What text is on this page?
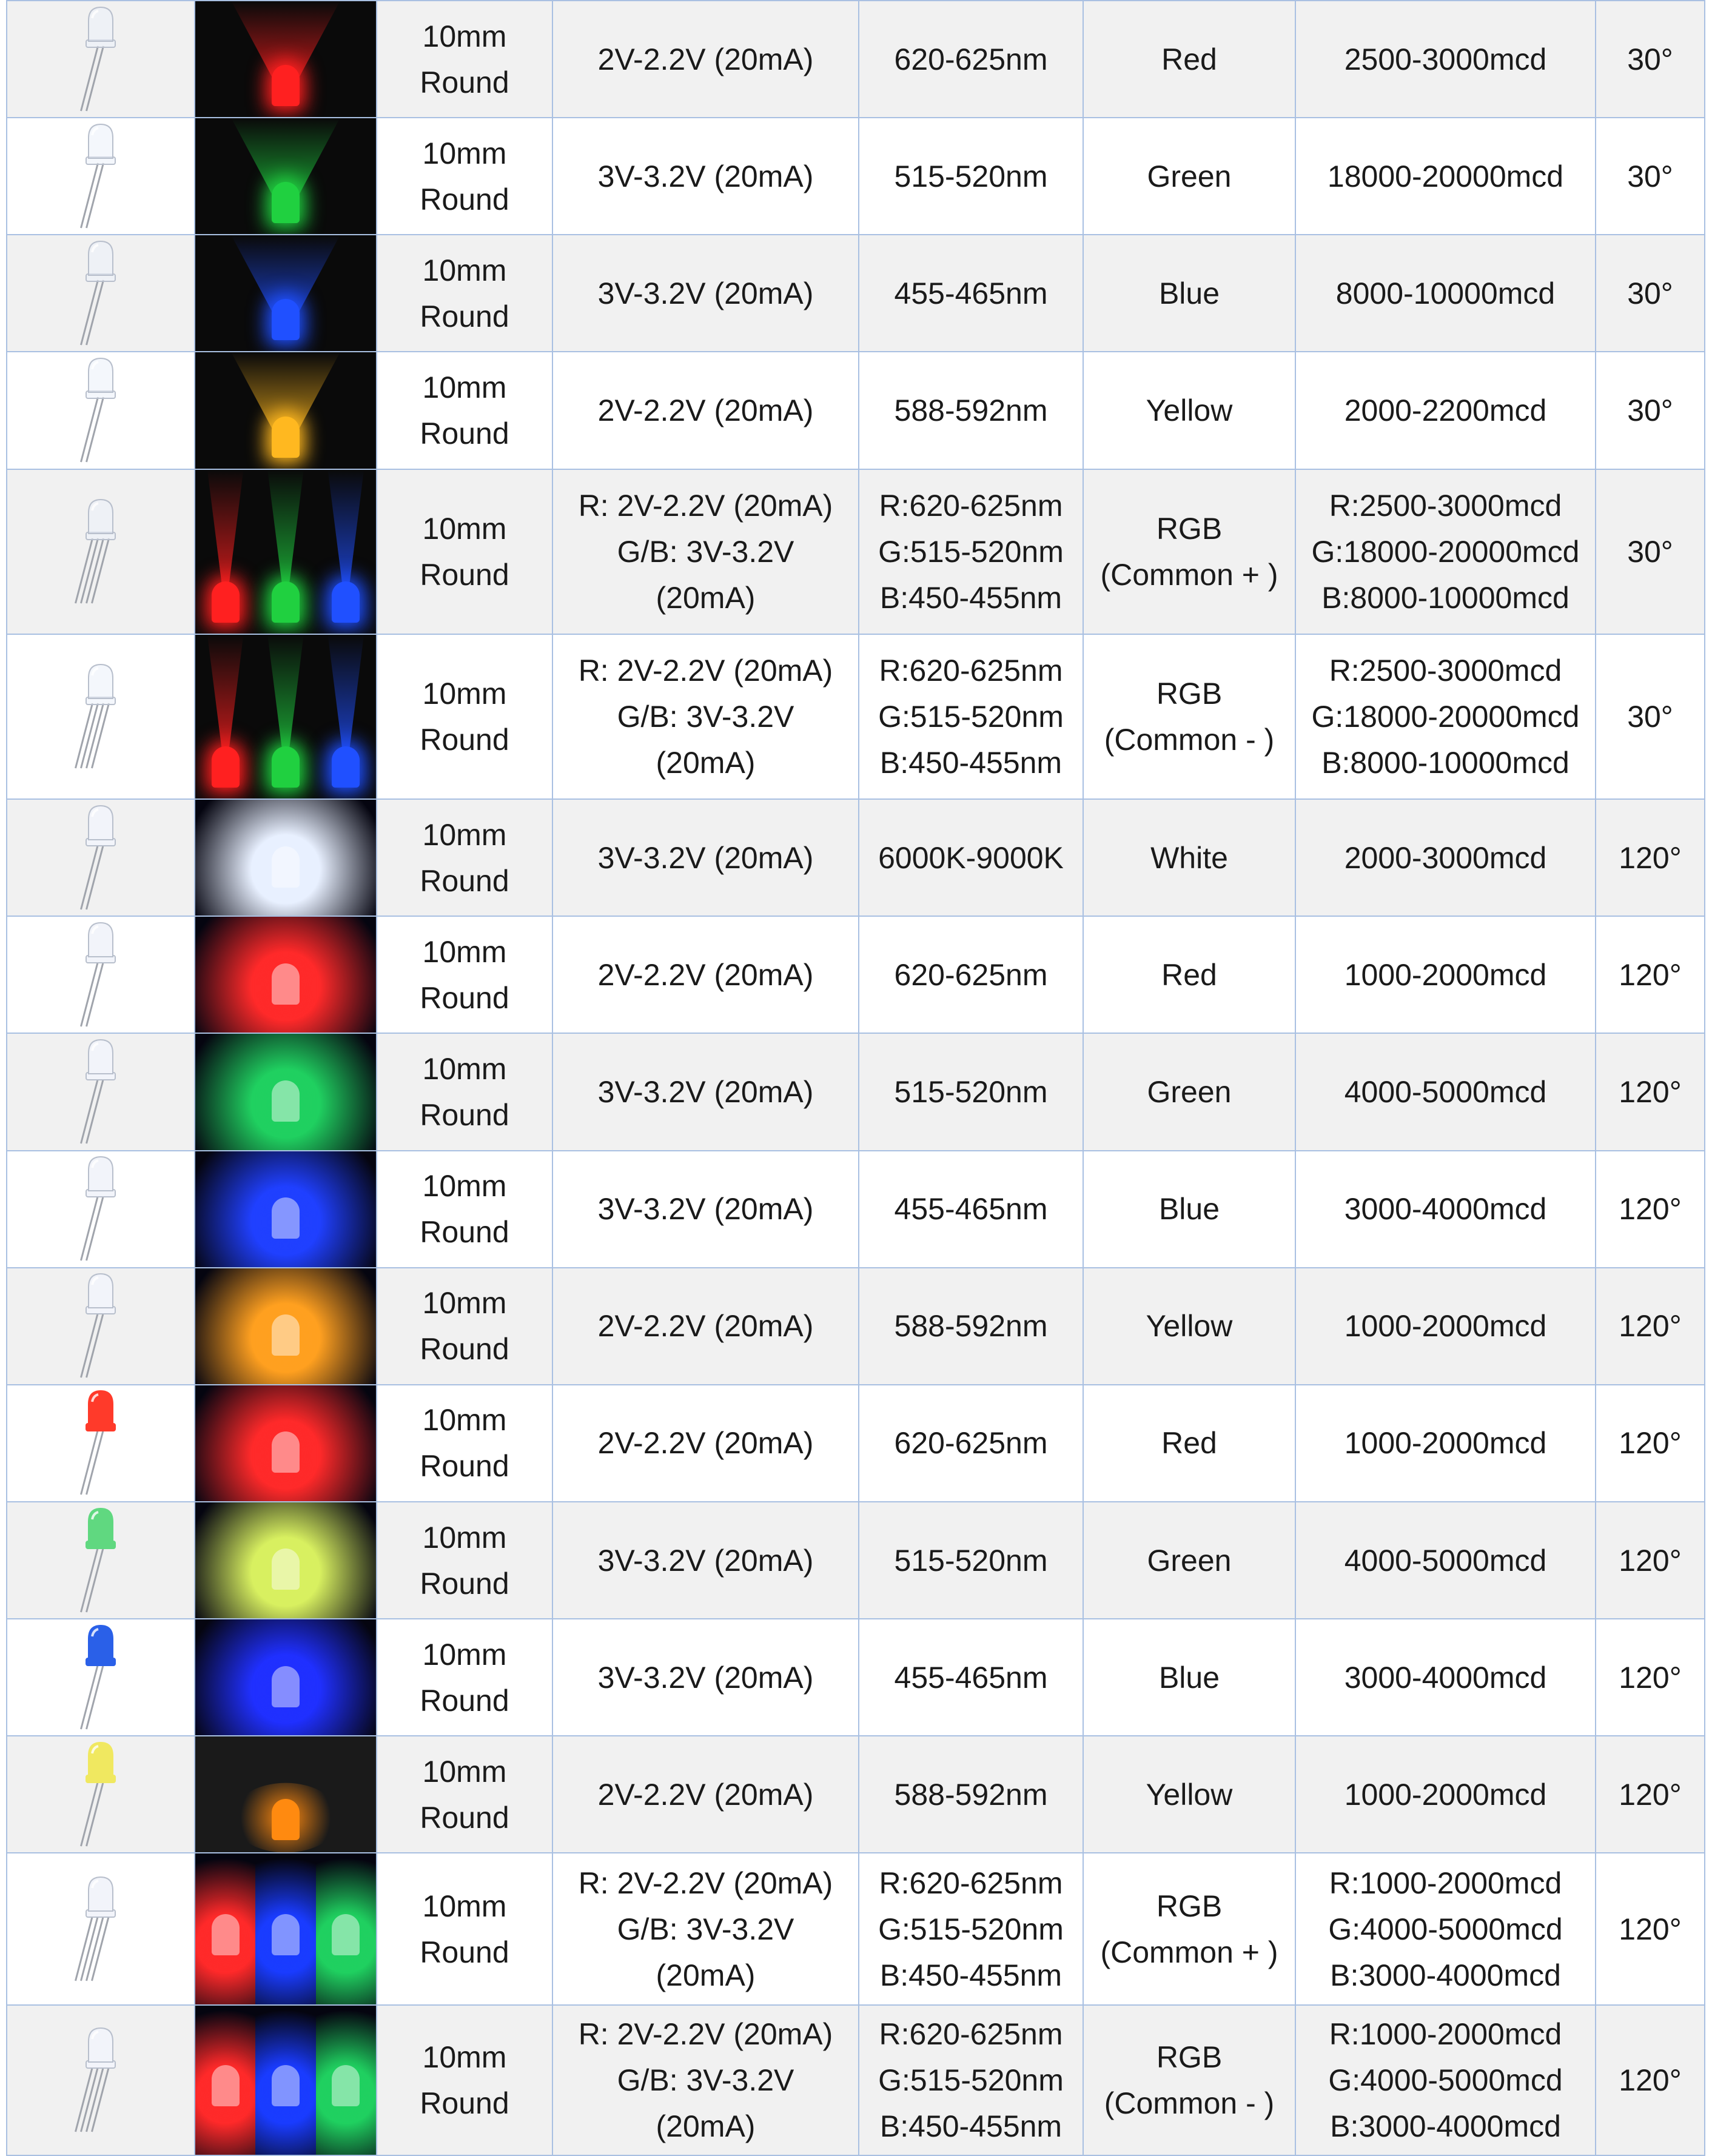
10mm
Round	2V-2.2V (20mA)	620-625nm	Red	2500-3000mcd	30°

10mm
Round	3V-3.2V (20mA)	515-520nm	Green	18000-20000mcd	30°

10mm
Round	3V-3.2V (20mA)	455-465nm	Blue	8000-10000mcd	30°

10mm
Round	2V-2.2V (20mA)	588-592nm	Yellow	2000-2200mcd	30°

10mm
Round	R: 2V-2.2V (20mA)
G/B: 3V-3.2V
(20mA)	R:620-625nm
G:515-520nm
B:450-455nm	RGB
(Common + )	R:2500-3000mcd
G:18000-20000mcd
B:8000-10000mcd	30°

10mm
Round	R: 2V-2.2V (20mA)
G/B: 3V-3.2V
(20mA)	R:620-625nm
G:515-520nm
B:450-455nm	RGB
(Common - )	R:2500-3000mcd
G:18000-20000mcd
B:8000-10000mcd	30°

10mm
Round	3V-3.2V (20mA)	6000K-9000K	White	2000-3000mcd	120°

10mm
Round	2V-2.2V (20mA)	620-625nm	Red	1000-2000mcd	120°

10mm
Round	3V-3.2V (20mA)	515-520nm	Green	4000-5000mcd	120°

10mm
Round	3V-3.2V (20mA)	455-465nm	Blue	3000-4000mcd	120°

10mm
Round	2V-2.2V (20mA)	588-592nm	Yellow	1000-2000mcd	120°

10mm
Round	2V-2.2V (20mA)	620-625nm	Red	1000-2000mcd	120°

10mm
Round	3V-3.2V (20mA)	515-520nm	Green	4000-5000mcd	120°

10mm
Round	3V-3.2V (20mA)	455-465nm	Blue	3000-4000mcd	120°

10mm
Round	2V-2.2V (20mA)	588-592nm	Yellow	1000-2000mcd	120°

10mm
Round	R: 2V-2.2V (20mA)
G/B: 3V-3.2V
(20mA)	R:620-625nm
G:515-520nm
B:450-455nm	RGB
(Common + )	R:1000-2000mcd
G:4000-5000mcd
B:3000-4000mcd	120°

10mm
Round	R: 2V-2.2V (20mA)
G/B: 3V-3.2V
(20mA)	R:620-625nm
G:515-520nm
B:450-455nm	RGB
(Common - )	R:1000-2000mcd
G:4000-5000mcd
B:3000-4000mcd	120°
